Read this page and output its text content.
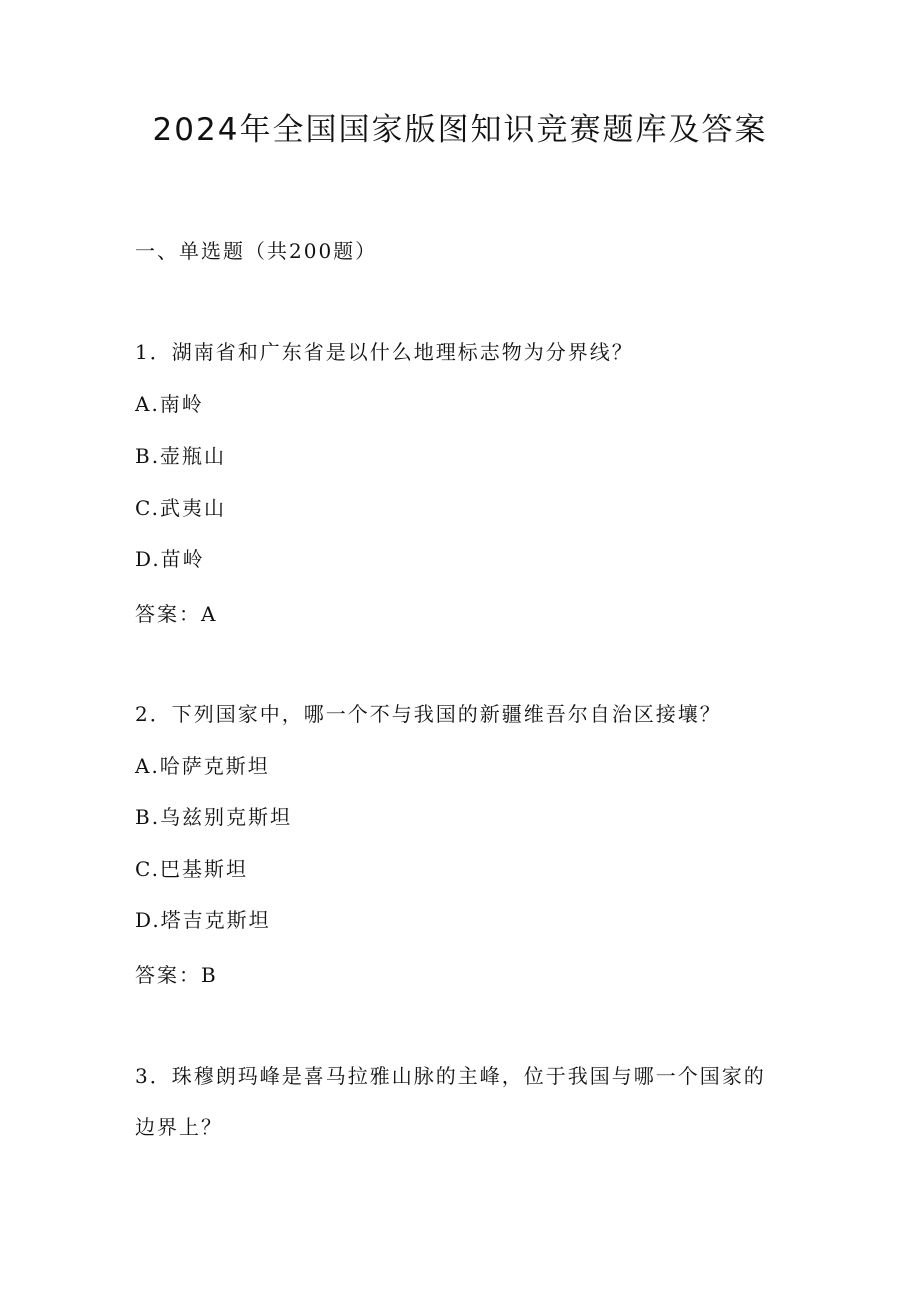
2024年全国国家版图知识竞赛题库及答案
一、单选题（共200题）
1．湖南省和广东省是以什么地理标志物为分界线？
A.南岭
B.壶瓶山
C.武夷山
D.苗岭
答案：A
2．下列国家中，哪一个不与我国的新疆维吾尔自治区接壤？
A.哈萨克斯坦
B.乌兹别克斯坦
C.巴基斯坦
D.塔吉克斯坦
答案：B
3．珠穆朗玛峰是喜马拉雅山脉的主峰，位于我国与哪一个国家的
边界上？
